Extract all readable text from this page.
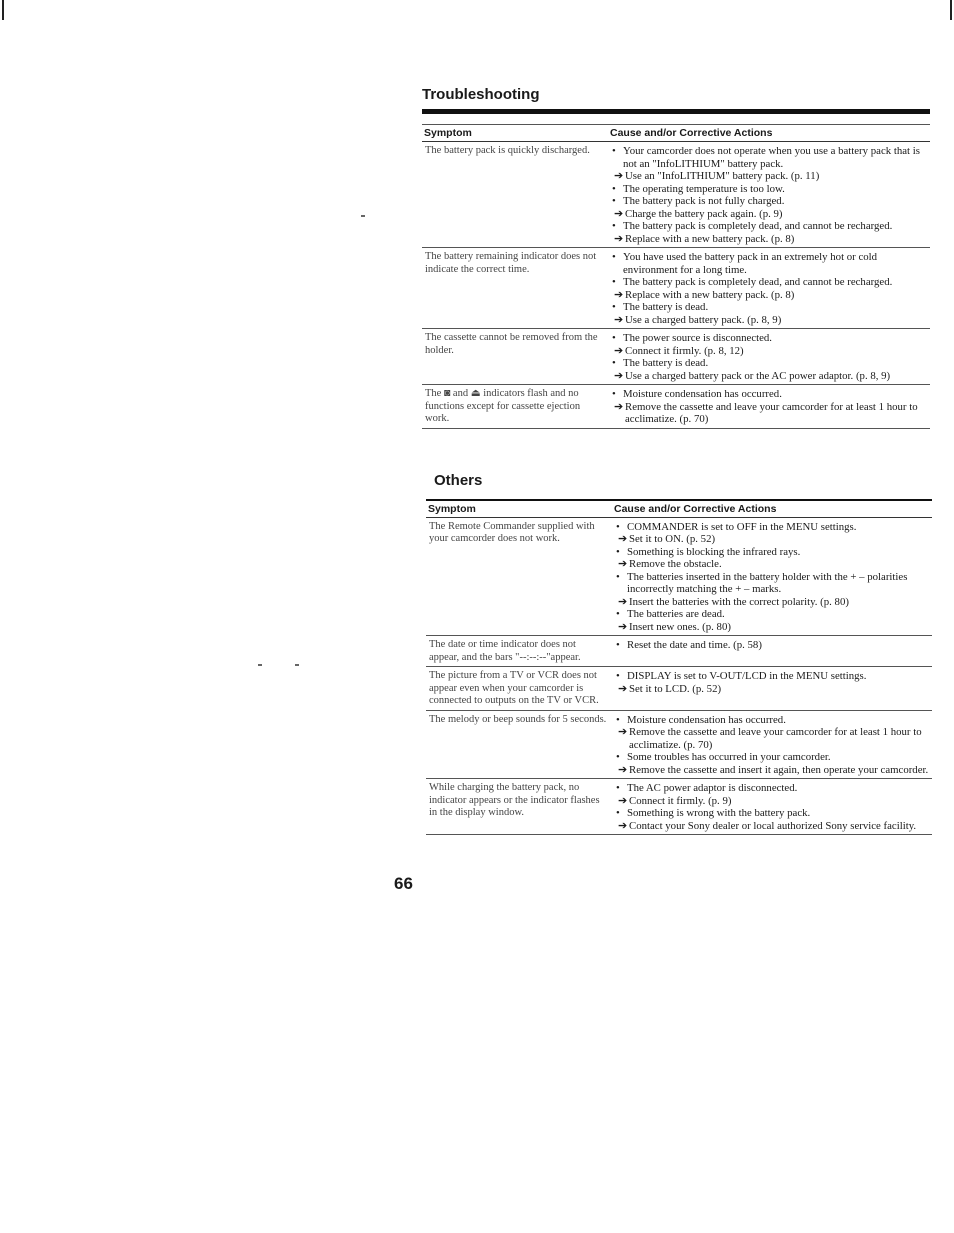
Troubleshooting
Symptom	Cause and/or Corrective Actions
The battery pack is quickly discharged.	• Your camcorder does not operate when you use a battery pack that is not an "InfoLITHIUM" battery pack.
➔ Use an "InfoLITHIUM" battery pack. (p. 11)
• The operating temperature is too low.
• The battery pack is not fully charged.
➔ Charge the battery pack again. (p. 9)
• The battery pack is completely dead, and cannot be recharged.
➔ Replace with a new battery pack. (p. 8)
The battery remaining indicator does not indicate the correct time.
• You have used the battery pack in an extremely hot or cold environment for a long time.
• The battery pack is completely dead, and cannot be recharged.
➔ Replace with a new battery pack. (p. 8)
• The battery is dead.
➔ Use a charged battery pack. (p. 8, 9)
The cassette cannot be removed from the holder.
• The power source is disconnected.
➔ Connect it firmly. (p. 8, 12)
• The battery is dead.
➔ Use a charged battery pack or the AC power adaptor. (p. 8, 9)
The ◙ and ⏏ indicators flash and no functions except for cassette ejection work.
• Moisture condensation has occurred.
➔ Remove the cassette and leave your camcorder for at least 1 hour to acclimatize. (p. 70)
Others
Symptom	Cause and/or Corrective Actions
The Remote Commander supplied with your camcorder does not work.
• COMMANDER is set to OFF in the MENU settings.
➔ Set it to ON. (p. 52)
• Something is blocking the infrared rays.
➔ Remove the obstacle.
• The batteries inserted in the battery holder with the + – polarities incorrectly matching the + – marks.
➔ Insert the batteries with the correct polarity. (p. 80)
• The batteries are dead.
➔ Insert new ones. (p. 80)
The date or time indicator does not appear, and the bars "--:--:--"appear.
• Reset the date and time. (p. 58)
The picture from a TV or VCR does not appear even when your camcorder is connected to outputs on the TV or VCR.
• DISPLAY is set to V-OUT/LCD in the MENU settings.
➔ Set it to LCD. (p. 52)
The melody or beep sounds for 5 seconds. • Moisture condensation has occurred.
➔ Remove the cassette and leave your camcorder for at least 1 hour to acclimatize. (p. 70)
• Some troubles has occurred in your camcorder.
➔ Remove the cassette and insert it again, then operate your camcorder.
While charging the battery pack, no indicator appears or the indicator flashes in the display window.
• The AC power adaptor is disconnected.
➔ Connect it firmly. (p. 9)
• Something is wrong with the battery pack.
➔ Contact your Sony dealer or local authorized Sony service facility.
66
